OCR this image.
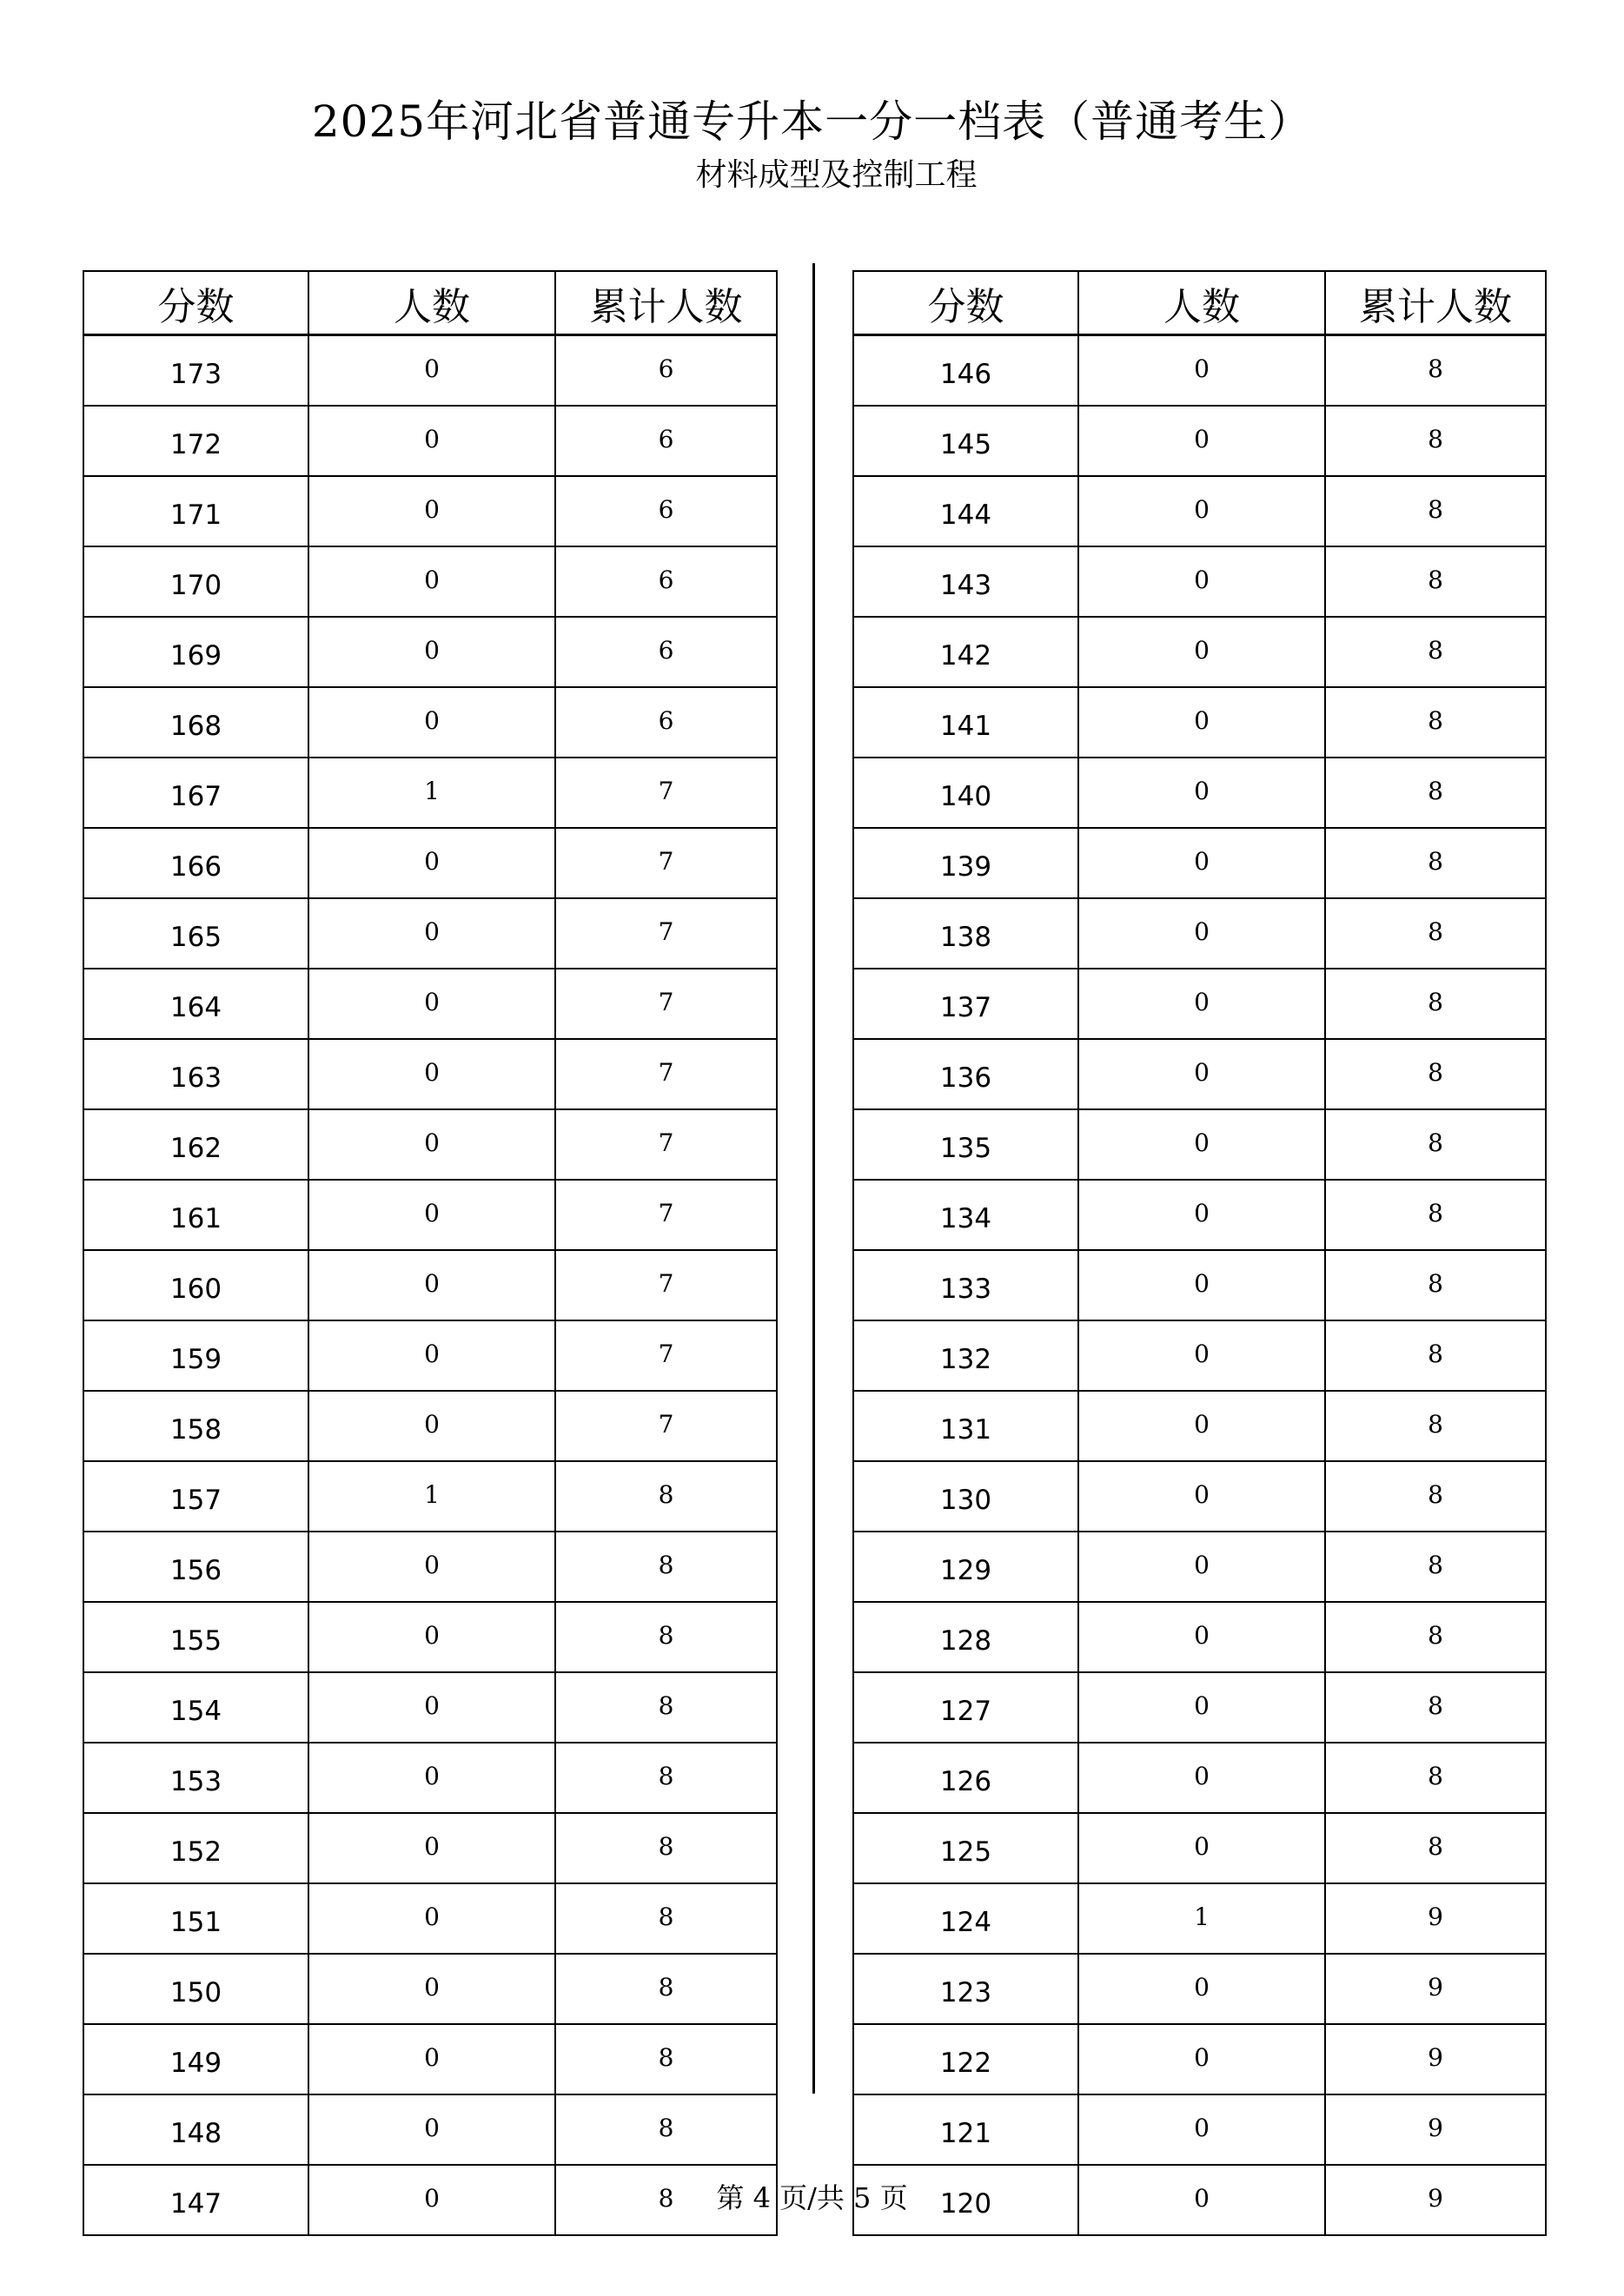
2025年河北省普通专升本一分一档表（普通考生）
材料成型及控制工程
分数	人数	累计人数
173	0	6
172	0	6
171	0	6
170	0	6
169	0	6
168	0	6
167	1	7
166	0	7
165	0	7
164	0	7
163	0	7
162	0	7
161	0	7
160	0	7
159	0	7
158	0	7
157	1	8
156	0	8
155	0	8
154	0	8
153	0	8
152	0	8
151	0	8
150	0	8
149	0	8
148	0	8
147	0	8
分数	人数	累计人数
146	0	8
145	0	8
144	0	8
143	0	8
142	0	8
141	0	8
140	0	8
139	0	8
138	0	8
137	0	8
136	0	8
135	0	8
134	0	8
133	0	8
132	0	8
131	0	8
130	0	8
129	0	8
128	0	8
127	0	8
126	0	8
125	0	8
124	1	9
123	0	9
122	0	9
121	0	9
120	0	9
第 4 页/共 5 页
